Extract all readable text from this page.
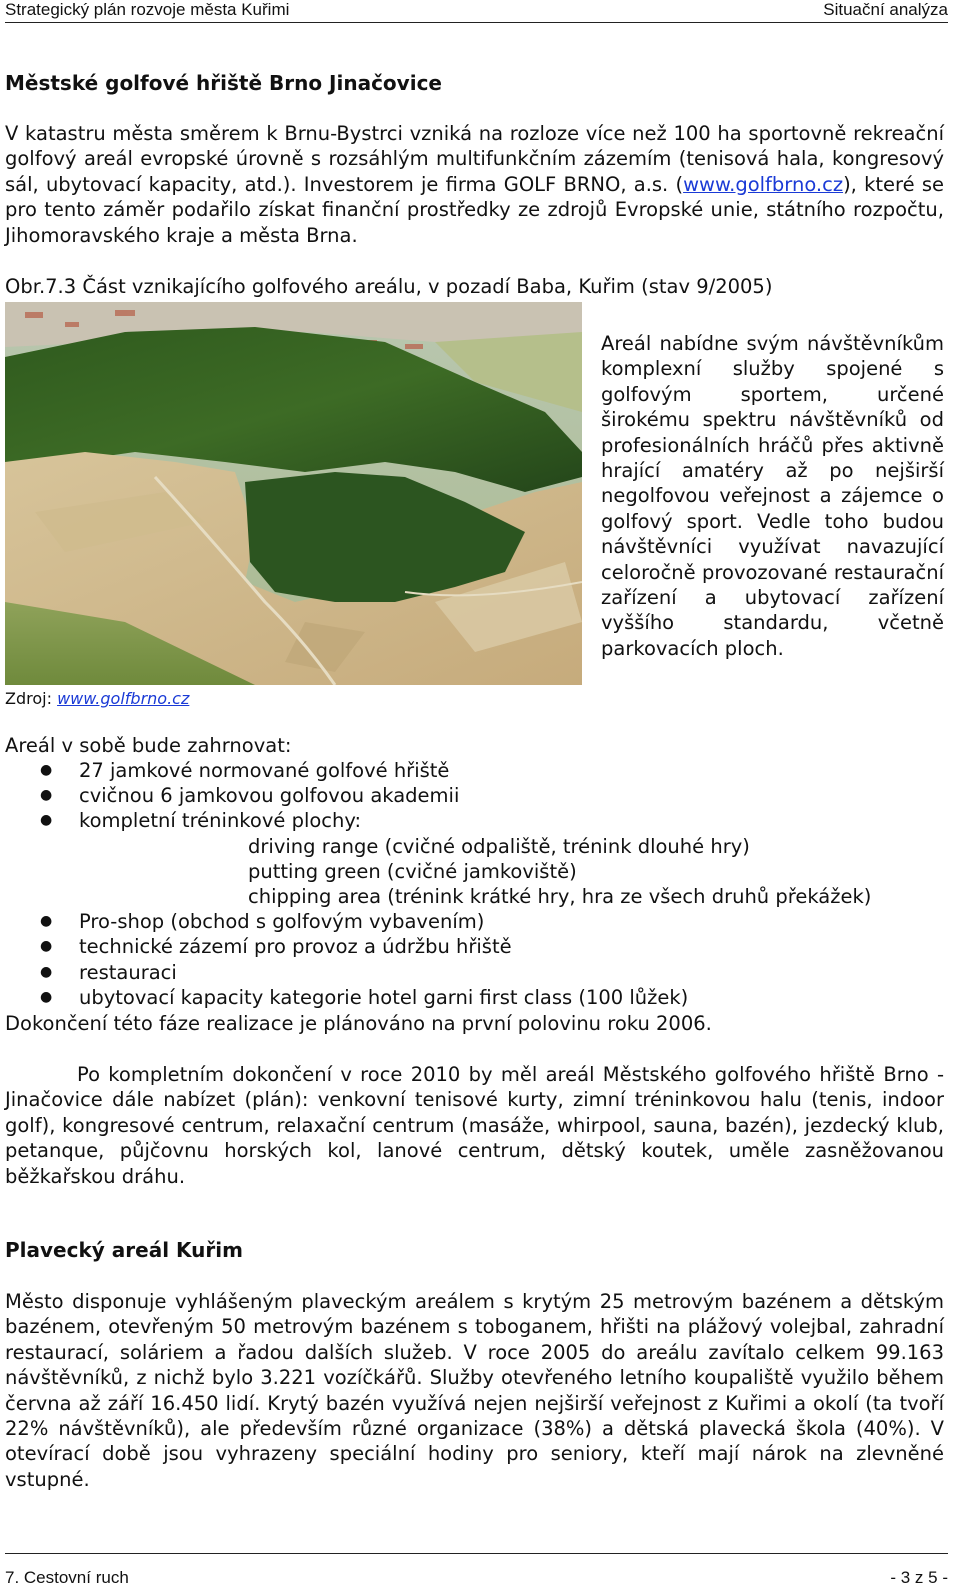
Strategický plán rozvoje města Kuřimi	Situační analýza
Městské golfové hřiště Brno Jinačovice

V katastru města směrem k Brnu-Bystrci vzniká na rozloze více než 100 ha sportovně rekreační golfový areál evropské úrovně s rozsáhlým multifunkčním zázemím (tenisová hala, kongresový sál, ubytovací kapacity, atd.). Investorem je firma GOLF BRNO, a.s. (www.golfbrno.cz), které se pro tento záměr podařilo získat finanční prostředky ze zdrojů Evropské unie, státního rozpočtu, Jihomoravského kraje a města Brna.

Obr.7.3 Část vznikajícího golfového areálu, v pozadí Baba, Kuřim (stav 9/2005)
Areál nabídne svým návštěvníkům komplexní služby spojené s golfovým sportem, určené širokému spektru návštěvníků od profesionálních hráčů přes aktivně hrající amatéry až po nejširší negolfovou veřejnost a zájemce o golfový sport. Vedle toho budou návštěvníci využívat navazující celoročně provozované restaurační zařízení a ubytovací zařízení vyššího standardu, včetně parkovacích ploch.
Zdroj: www.golfbrno.cz
Areál v sobě bude zahrnovat:
● 27 jamkové normované golfové hřiště
● cvičnou 6 jamkovou golfovou akademii
● kompletní tréninkové plochy:
driving range (cvičné odpaliště, trénink dlouhé hry)
putting green (cvičné jamkoviště)
chipping area (trénink krátké hry, hra ze všech druhů překážek)
● Pro-shop (obchod s golfovým vybavením)
● technické zázemí pro provoz a údržbu hřiště
● restauraci
● ubytovací kapacity kategorie hotel garni first class (100 lůžek)
Dokončení této fáze realizace je plánováno na první polovinu roku 2006.

Po kompletním dokončení v roce 2010 by měl areál Městského golfového hřiště Brno - Jinačovice dále nabízet (plán): venkovní tenisové kurty, zimní tréninkovou halu (tenis, indoor golf), kongresové centrum, relaxační centrum (masáže, whirpool, sauna, bazén), jezdecký klub, petanque, půjčovnu horských kol, lanové centrum, dětský koutek, uměle zasněžovanou běžkařskou dráhu.

Plavecký areál Kuřim

Město disponuje vyhlášeným plaveckým areálem s krytým 25 metrovým bazénem a dětským bazénem, otevřeným 50 metrovým bazénem s toboganem, hřišti na plážový volejbal, zahradní restaurací, soláriem a řadou dalších služeb. V roce 2005 do areálu zavítalo celkem 99.163 návštěvníků, z nichž bylo 3.221 vozíčkářů. Služby otevřeného letního koupaliště využilo během června až září 16.450 lidí. Krytý bazén využívá nejen nejširší veřejnost z Kuřimi a okolí (ta tvoří 22% návštěvníků), ale především různé organizace (38%) a dětská plavecká škola (40%). V otevírací době jsou vyhrazeny speciální hodiny pro seniory, kteří mají nárok na zlevněné vstupné.

7. Cestovní ruch	- 3 z 5 -
